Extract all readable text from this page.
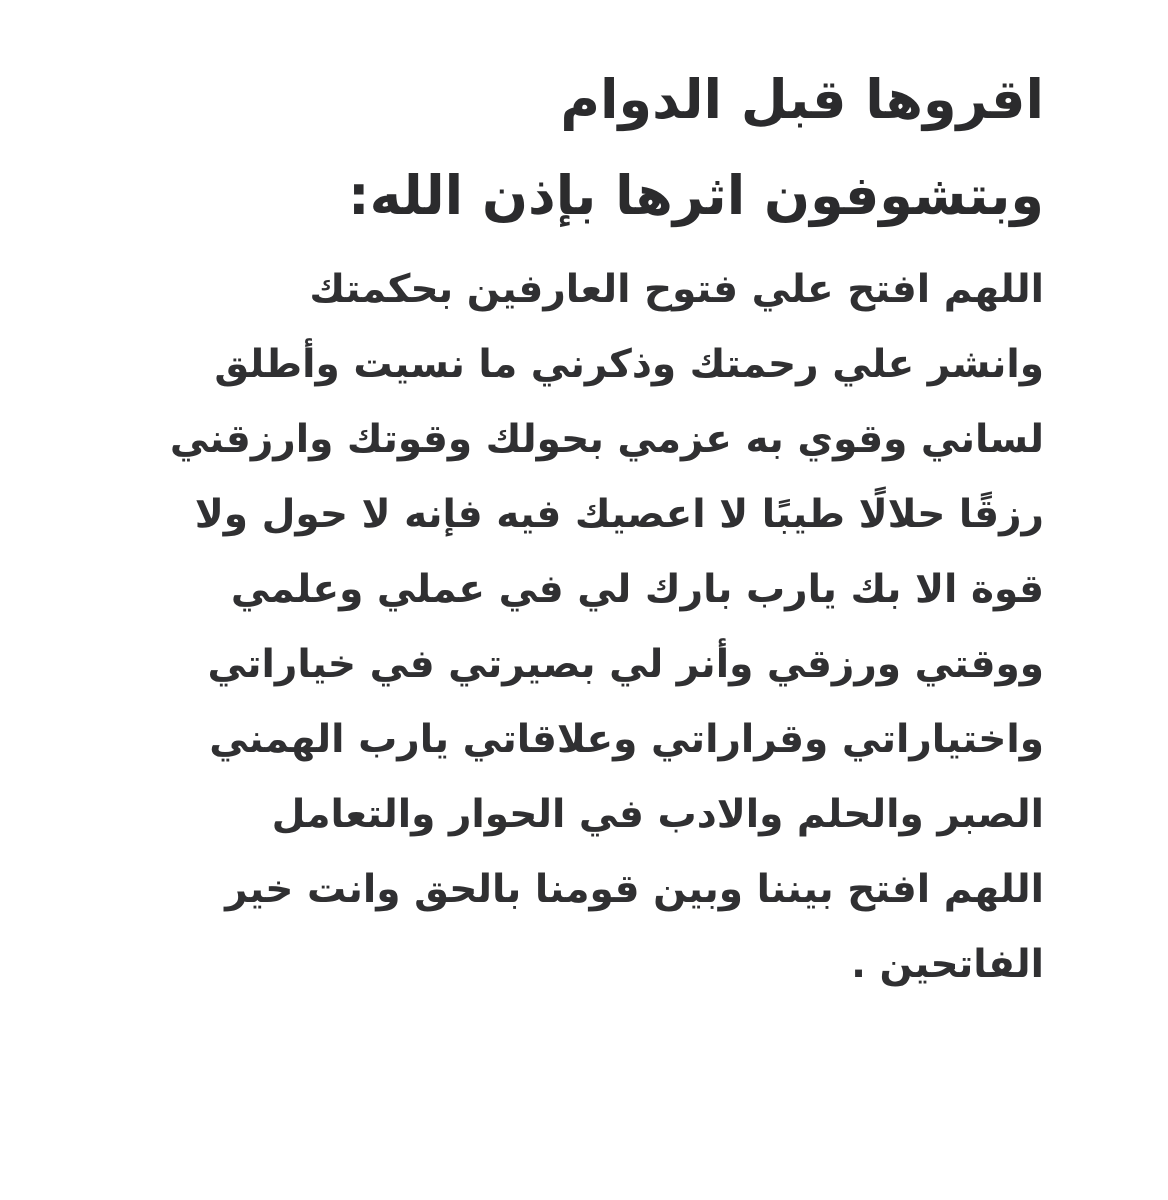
اقروها قبل الدوام
وبتشوفون اثرها بإذن الله:
اللهم افتح علي فتوح العارفين بحكمتك
وانشر علي رحمتك وذكرني ما نسيت وأطلق
لساني وقوي به عزمي بحولك وقوتك وارزقني
رزقًا حلالًا طيبًا لا اعصيك فيه فإنه لا حول ولا
قوة الا بك يارب بارك لي في عملي وعلمي
ووقتي ورزقي وأنر لي بصيرتي في خياراتي
واختياراتي وقراراتي وعلاقاتي يارب الهمني
الصبر والحلم والادب في الحوار والتعامل
اللهم افتح بيننا وبين قومنا بالحق وانت خير
الفاتحين .
